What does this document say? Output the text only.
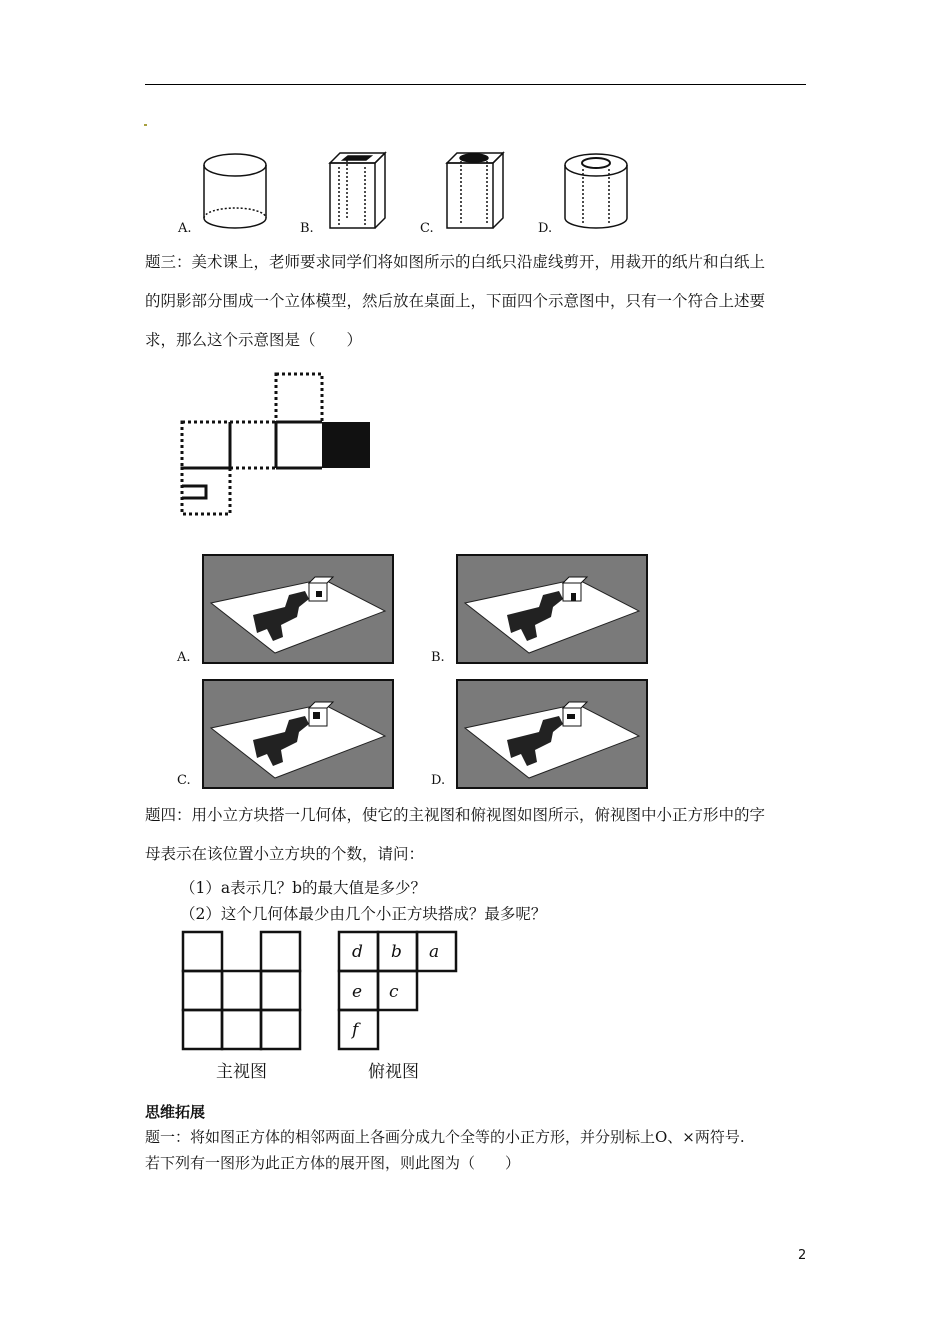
A.	B.	C.	D.

题三：美术课上，老师要求同学们将如图所示的白纸只沿虚线剪开，用裁开的纸片和白纸上

的阴影部分围成一个立体模型，然后放在桌面上，下面四个示意图中，只有一个符合上述要

求，那么这个示意图是（　　）

A.	B.
C.	D.

题四：用小立方块搭一几何体，使它的主视图和俯视图如图所示，俯视图中小正方形中的字

母表示在该位置小立方块的个数，请问：

（1）a表示几？b的最大值是多少？
（2）这个几何体最少由几个小正方块搭成？最多呢？
主视图
d b a
e c
f
俯视图
思维拓展
题一：将如图正方体的相邻两面上各画分成九个全等的小正方形，并分别标上O、×两符号.
若下列有一图形为此正方体的展开图，则此图为（　　）
2
